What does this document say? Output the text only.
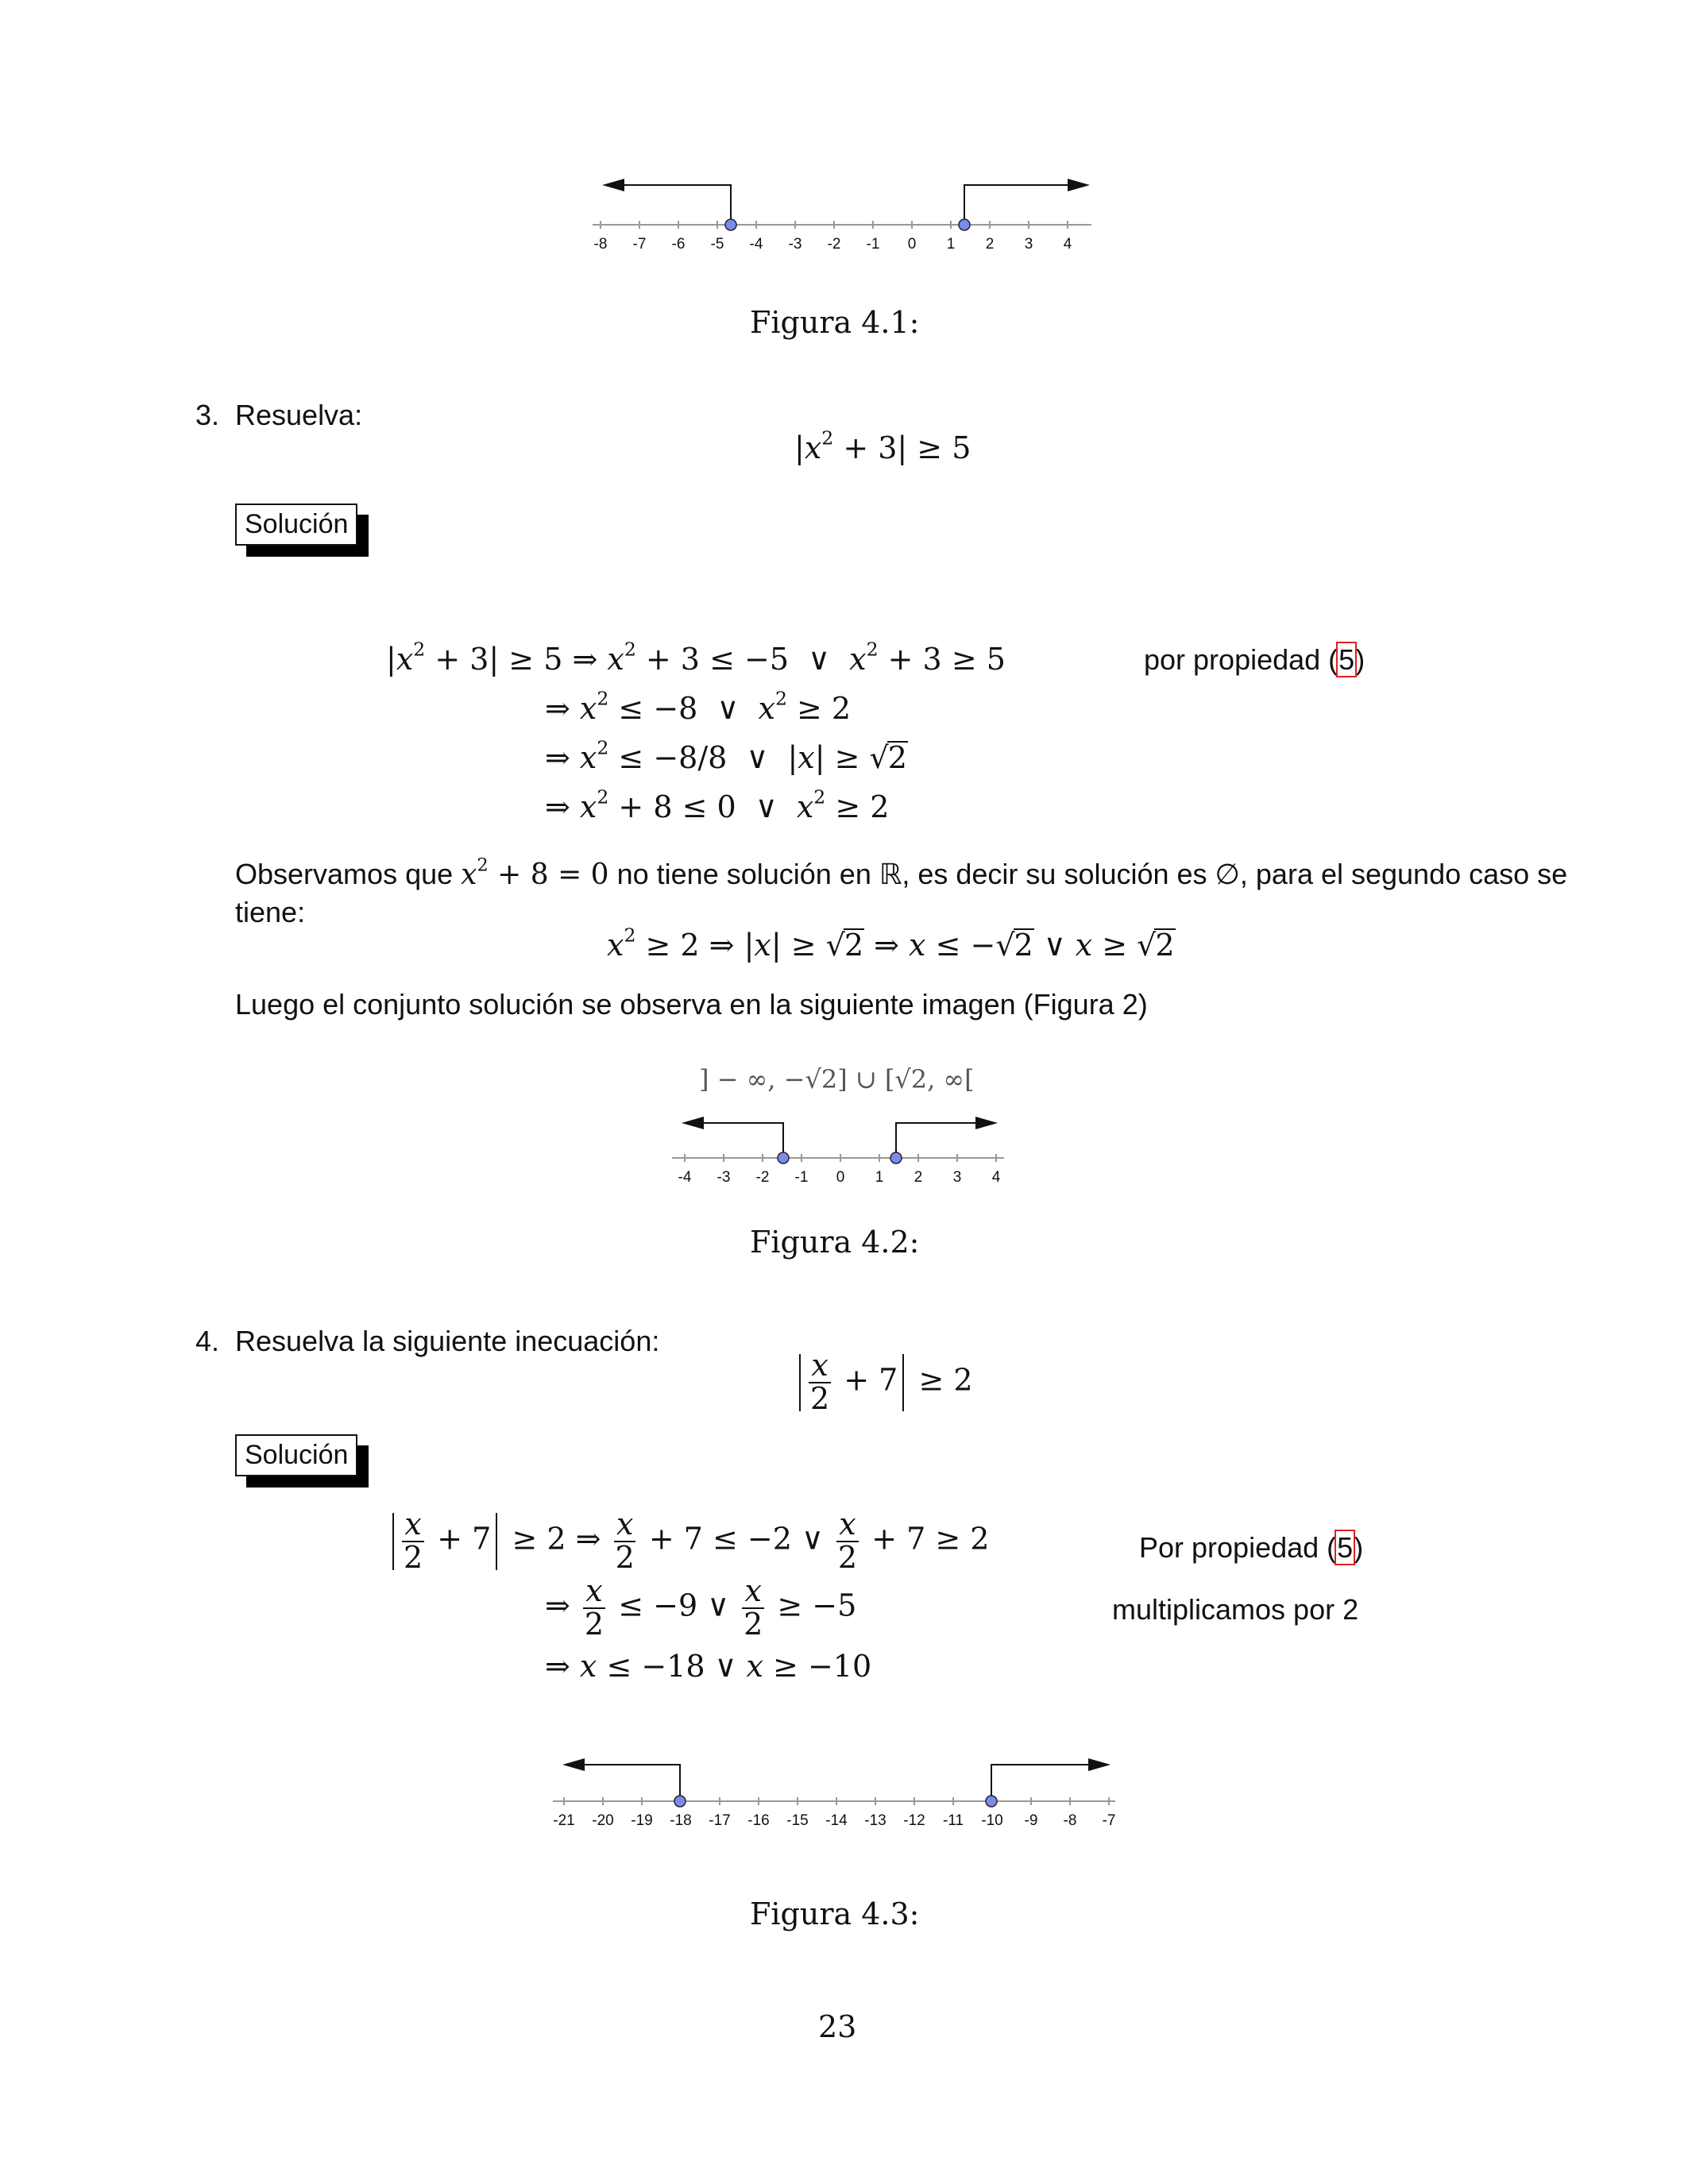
-8 -7 -6 -5 -4 -3 -2 -1 0 1 2 3 4
Figura 4.1:
3. Resuelva:
$|x^2 + 3| \ge 5$
Solución
$|x^2 + 3| \ge 5$ ⇒ $x^2 + 3 \le -5$  ∨  $x^2 + 3 \ge 5$
⇒ $x^2 \le -8$  ∨  $x^2 \ge 2$
⇒ $x^2 \le -8/8$  ∨  |x| ≥ √2
⇒ $x^2 + 8 \le 0$  ∨  $x^2 \ge 2$
por propiedad (5)
Observamos que $x^2 + 8 = 0$ no tiene solución en ℝ, es decir su solución es ∅, para el segundo caso se
tiene:
$x^2 \ge 2$ ⇒ |x| ≥ √2 ⇒ x ≤ −√2 ∨ x ≥ √2
Luego el conjunto solución se observa en la siguiente imagen (Figura 2)
] − ∞, −√2] ∪ [√2, ∞[
-4 -3 -2 -1 0 1 2 3 4
Figura 4.2:
4. Resuelva la siguiente inecuación:
$\frac{x}{2} + 7 \ge 2$
Solución
$\frac{x}{2} + 7 \ge 2$ ⇒ $\frac{x}{2} + 7 \le -2$ ∨ $\frac{x}{2} + 7 \ge 2$
⇒ $\frac{x}{2} \le -9$ ∨ $\frac{x}{2} \ge -5$
⇒ x ≤ −18 ∨ x ≥ −10
Por propiedad (5)
multiplicamos por 2
-21 -20 -19 -18 -17 -16 -15 -14 -13 -12 -11 -10 -9 -8 -7
Figura 4.3:
23
